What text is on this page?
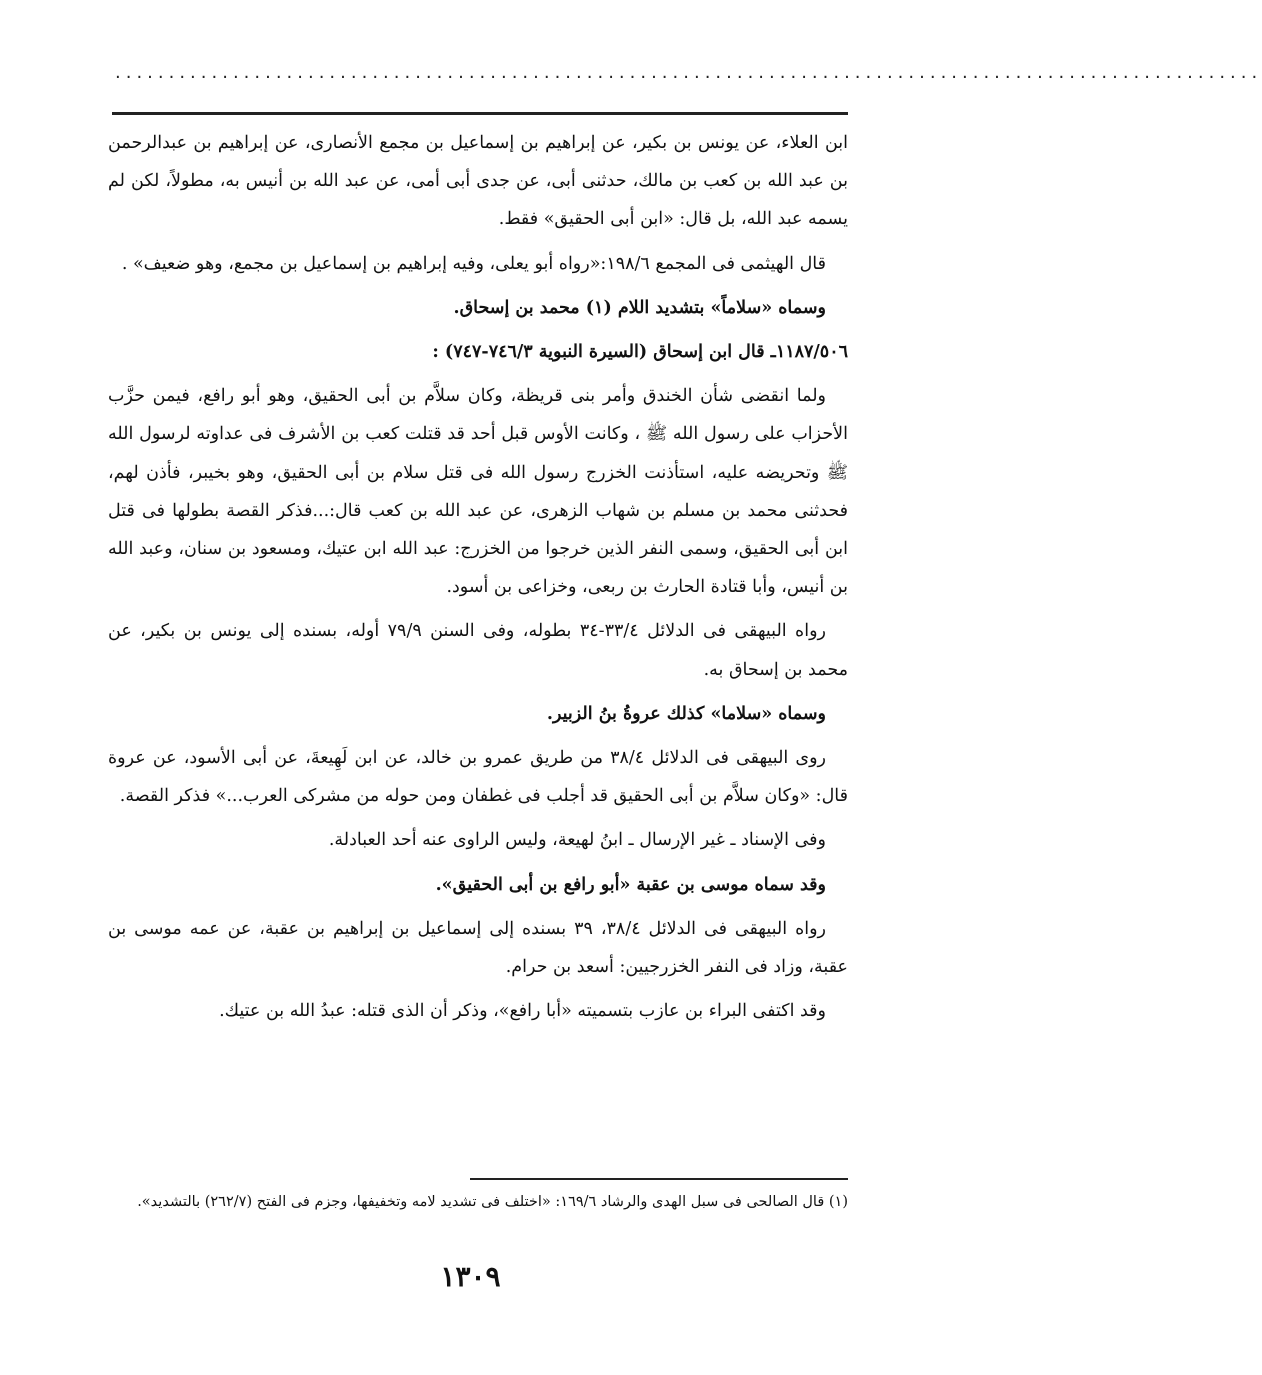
...........................................................................................................

ابن العلاء، عن يونس بن بكير، عن إبراهيم بن إسماعيل بن مجمع الأنصارى، عن إبراهيم بن عبدالرحمن بن عبد الله بن كعب بن مالك، حدثنى أبى، عن جدى أبى أمى، عن عبد الله بن أنيس به، مطولاً، لكن لم يسمه عبد الله، بل قال: «ابن أبى الحقيق» فقط.

قال الهيثمى فى المجمع ١٩٨/٦:«رواه أبو يعلى، وفيه إبراهيم بن إسماعيل بن مجمع، وهو ضعيف» .

وسماه «سلاماً» بتشديد اللام (١) محمد بن إسحاق.

١١٨٧/٥٠٦ـ قال ابن إسحاق (السيرة النبوية ٧٤٦/٣-٧٤٧) :

ولما انقضى شأن الخندق وأمر بنى قريظة، وكان سلاَّم بن أبى الحقيق، وهو أبو رافع، فيمن حزَّب الأحزاب على رسول الله ﷺ ، وكانت الأوس قبل أحد قد قتلت كعب بن الأشرف فى عداوته لرسول الله ﷺ وتحريضه عليه، استأذنت الخزرج رسول الله فى قتل سلام بن أبى الحقيق، وهو بخيبر، فأذن لهم، فحدثنى محمد بن مسلم بن شهاب الزهرى، عن عبد الله بن كعب قال:...فذكر القصة بطولها فى قتل ابن أبى الحقيق، وسمى النفر الذين خرجوا من الخزرج: عبد الله ابن عتيك، ومسعود بن سنان، وعبد الله بن أنيس، وأبا قتادة الحارث بن ربعى، وخزاعى بن أسود.

رواه البيهقى فى الدلائل ٣٣/٤-٣٤ بطوله، وفى السنن ٧٩/٩ أوله، بسنده إلى يونس بن بكير، عن محمد بن إسحاق به.

وسماه «سلاما» كذلك عروةُ بنُ الزبير.

روى البيهقى فى الدلائل ٣٨/٤ من طريق عمرو بن خالد، عن ابن لَهِيعةَ، عن أبى الأسود، عن عروة قال: «وكان سلاَّم بن أبى الحقيق قد أجلب فى غطفان ومن حوله من مشركى العرب...» فذكر القصة.

وفى الإسناد ـ غير الإرسال ـ ابنُ لهيعة، وليس الراوى عنه أحد العبادلة.

وقد سماه موسى بن عقبة «أبو رافع بن أبى الحقيق».

رواه البيهقى فى الدلائل ٣٨/٤، ٣٩ بسنده إلى إسماعيل بن إبراهيم بن عقبة، عن عمه موسى بن عقبة، وزاد فى النفر الخزرجيين: أسعد بن حرام.

وقد اكتفى البراء بن عازب بتسميته «أبا رافع»، وذكر أن الذى قتله: عبدُ الله بن عتيك.

(١) قال الصالحى فى سبل الهدى والرشاد ١٦٩/٦: «اختلف فى تشديد لامه وتخفيفها، وجزم فى الفتح (٢٦٢/٧) بالتشديد».
١٣٠٩
